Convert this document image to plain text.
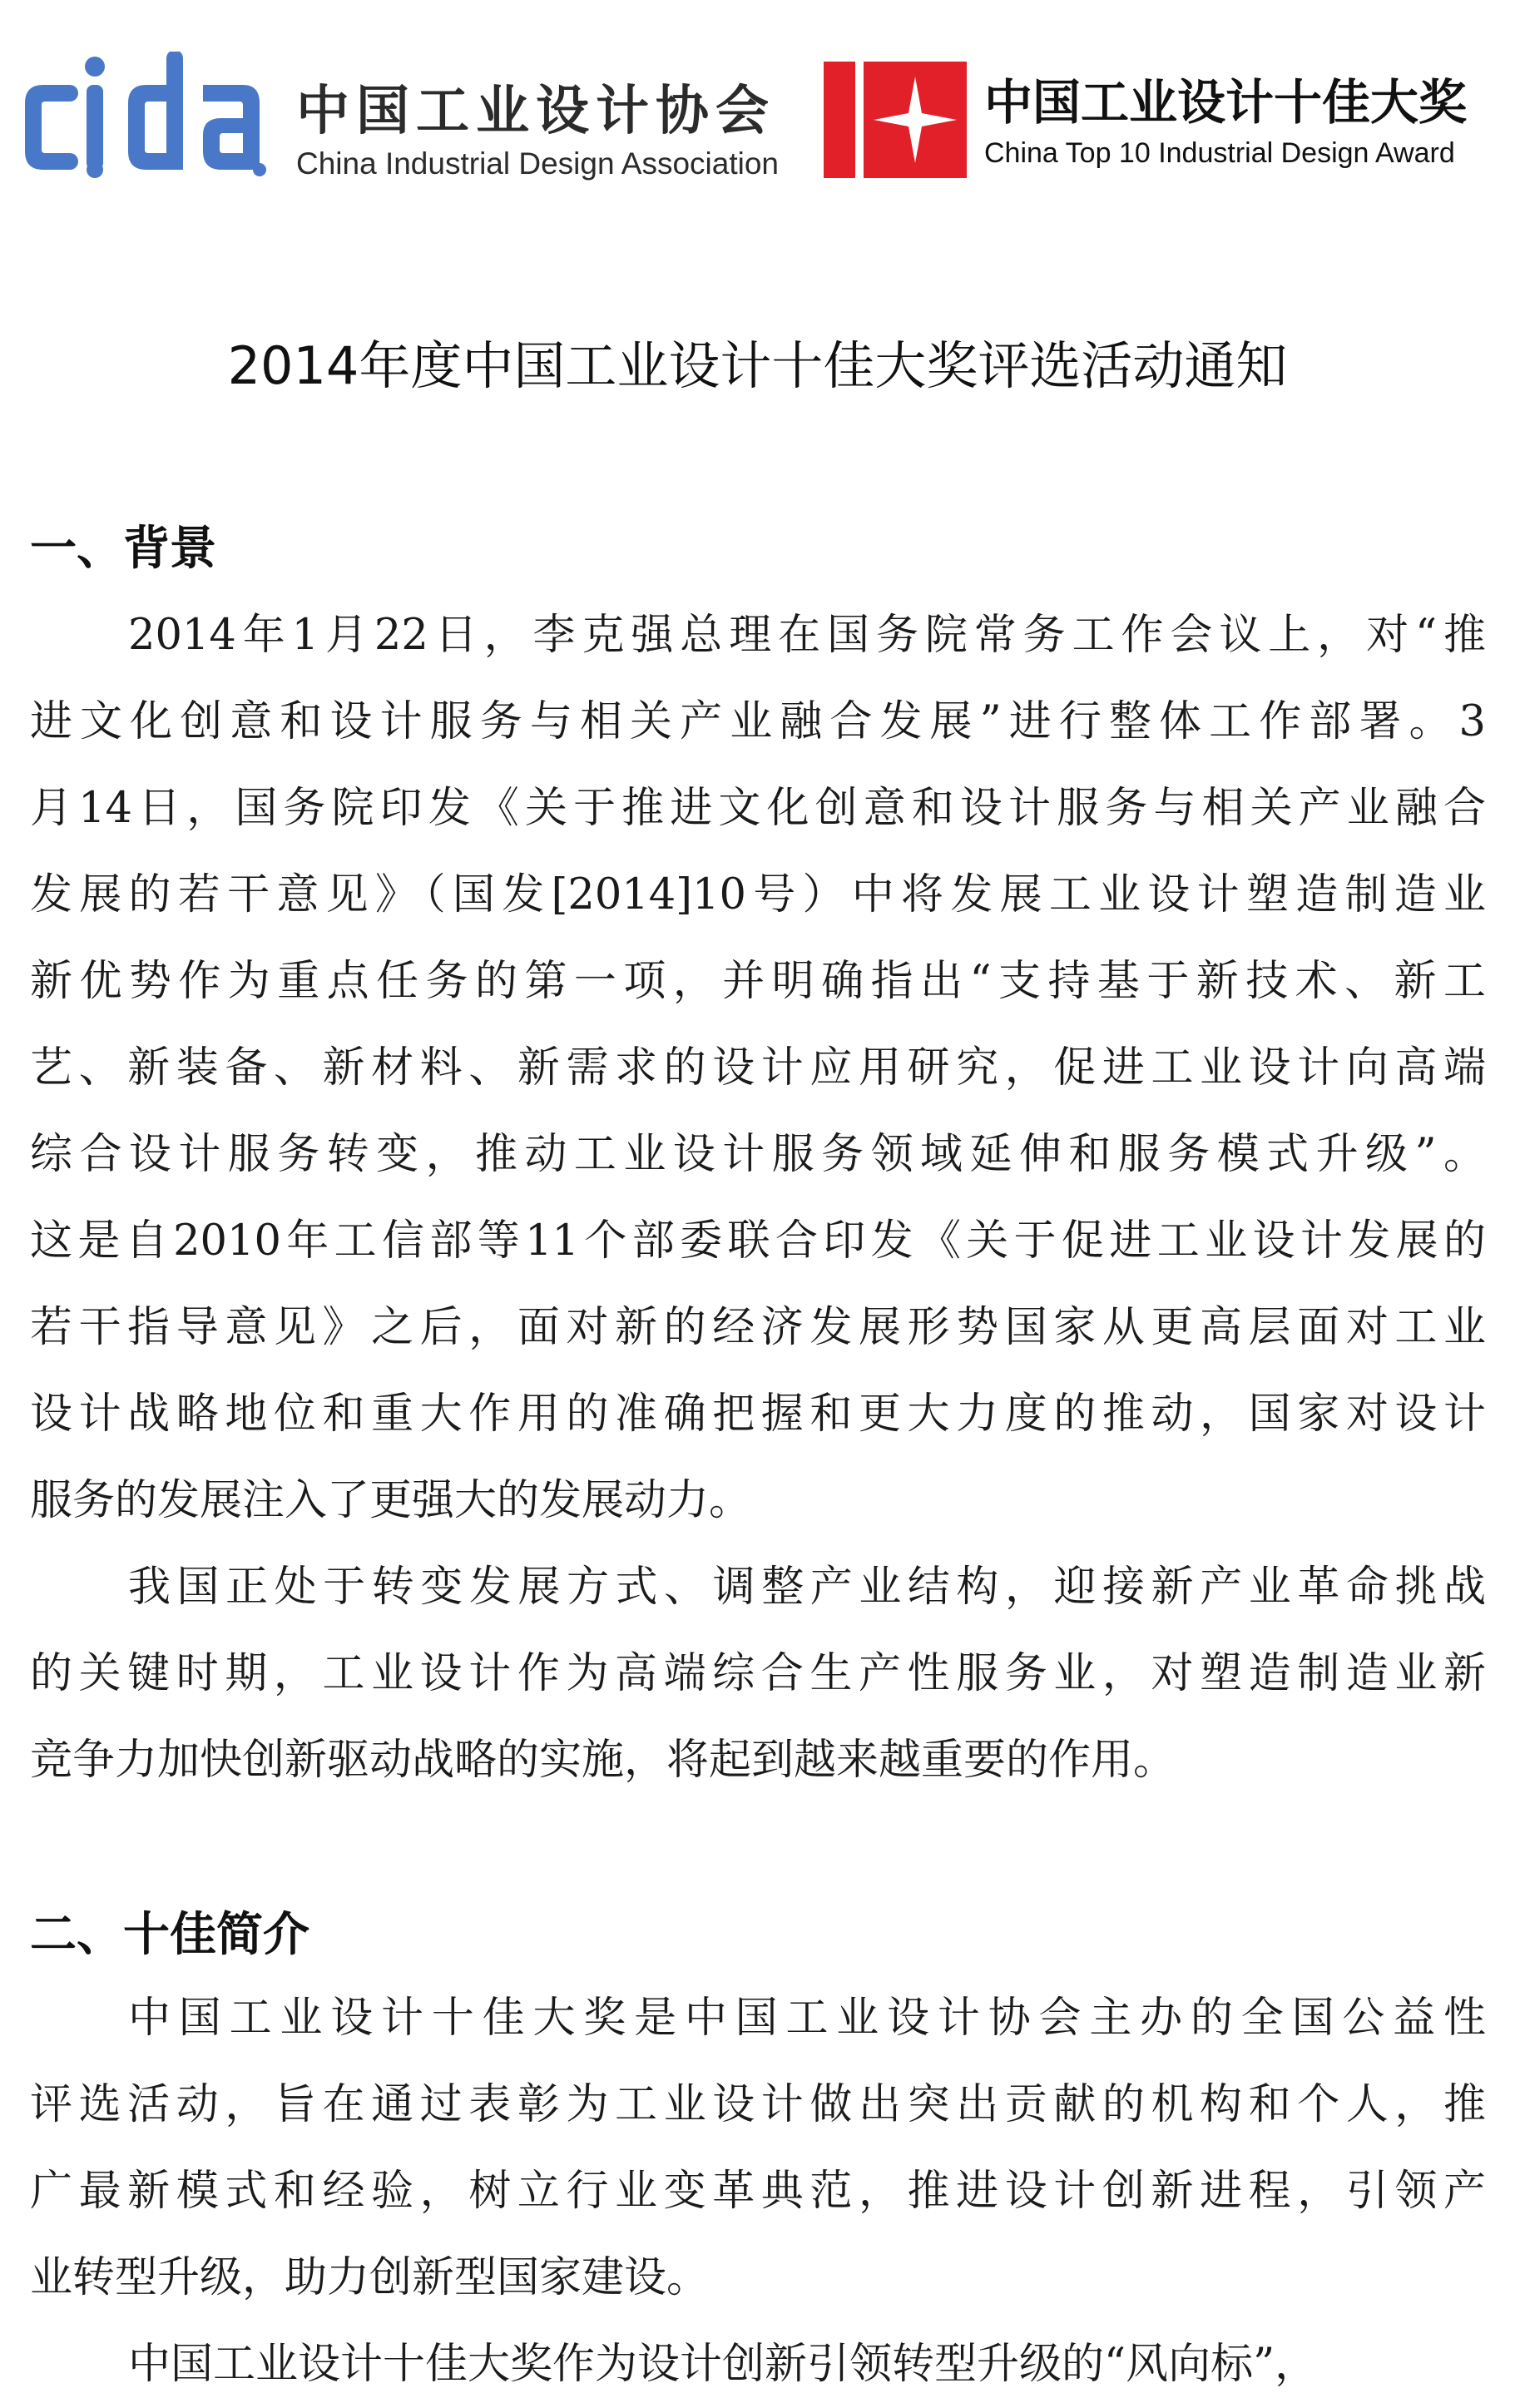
中国工业设计协会
China Industrial Design Association
中国工业设计十佳大奖
China Top 10 Industrial Design Award
2014年度中国工业设计十佳大奖评选活动通知
一、背景
2014年1月22日，李克强总理在国务院常务工作会议上，对“推
进文化创意和设计服务与相关产业融合发展”进行整体工作部署。3
月14日，国务院印发《关于推进文化创意和设计服务与相关产业融合
发展的若干意见》（国发[2014]10号）中将发展工业设计塑造制造业
新优势作为重点任务的第一项，并明确指出“支持基于新技术、新工
艺、新装备、新材料、新需求的设计应用研究，促进工业设计向高端
综合设计服务转变，推动工业设计服务领域延伸和服务模式升级”。
这是自2010年工信部等11个部委联合印发《关于促进工业设计发展的
若干指导意见》之后，面对新的经济发展形势国家从更高层面对工业
设计战略地位和重大作用的准确把握和更大力度的推动，国家对设计
服务的发展注入了更强大的发展动力。
我国正处于转变发展方式、调整产业结构，迎接新产业革命挑战
的关键时期，工业设计作为高端综合生产性服务业，对塑造制造业新
竞争力加快创新驱动战略的实施，将起到越来越重要的作用。
二、十佳简介
中国工业设计十佳大奖是中国工业设计协会主办的全国公益性
评选活动，旨在通过表彰为工业设计做出突出贡献的机构和个人，推
广最新模式和经验，树立行业变革典范，推进设计创新进程，引领产
业转型升级，助力创新型国家建设。
中国工业设计十佳大奖作为设计创新引领转型升级的“风向标”，
